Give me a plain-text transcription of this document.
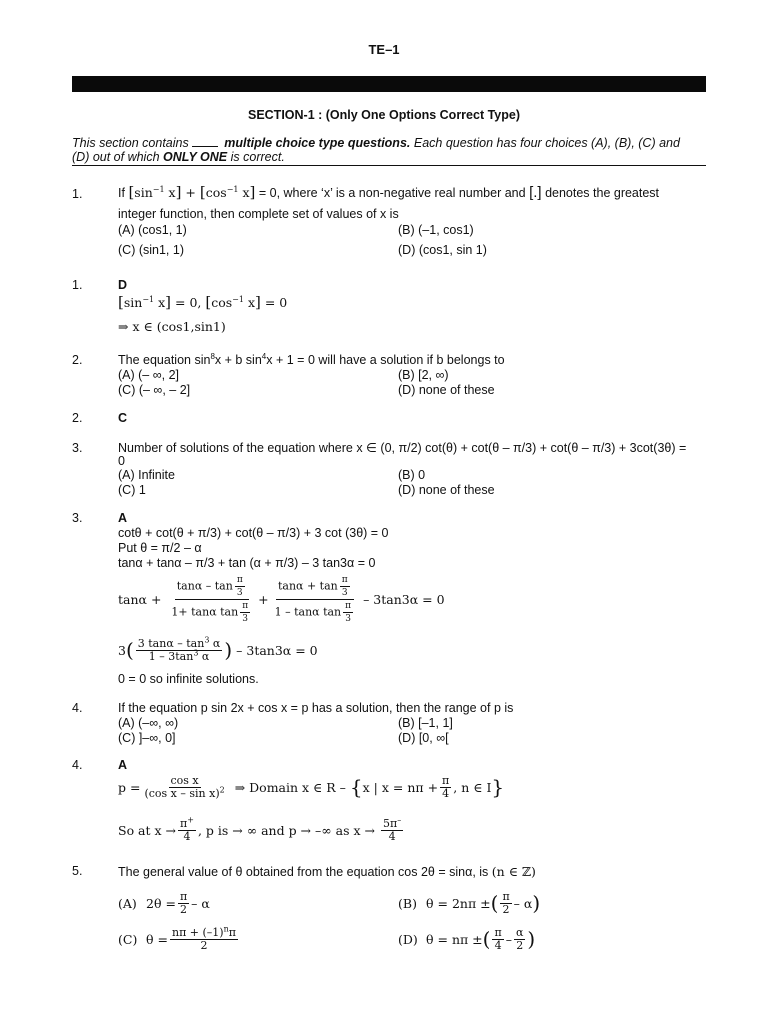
TE–1
SECTION-1 : (Only One Options Correct Type)
This section contains	multiple choice type questions. Each question has four choices (A), (B), (C) and
(D) out of which ONLY ONE is correct.
1.	If [$\sin^{-1}$ $x] + [\cos^{-1}$ x] = 0, where ‘x’ is a non-negative real number and [.] denotes the greatest
integer function, then complete set of values of x is
(A) (cos1, 1)	(B) (–1, cos1)
(C) (sin1, 1)	(D) (cos1, sin 1)
1.	D
[$\sin^{-1}$ x] = 0, [$\cos^{-1}$ x] = 0
⇒ x ∈ (cos1,sin1)
2.	The equation $\sin^8x + b$ $\sin^4x + 1 = 0$ will have a solution if b belongs to
(A) (– ∞, 2]	(B) [2, ∞)
(C) (– ∞, – 2]	(D) none of these
2.	C
3.	Number of solutions of the equation where x ∈ (0, π/2) cot(θ) + cot(θ – π/3) + cot(θ – π/3) + 3cot(3θ) =
0
(A) Infinite	(B) 0
(C) 1	(D) none of these
3.	A
cotθ + cot(θ + π/3) + cot(θ – π/3) + 3 cot (3θ) = 0
Put θ = π/2 – α
tanα + tanα – π/3 + tan (α + π/3) – 3 tan3α = 0
$\tan\alpha + \frac{\tan\alpha - \tan \frac{\pi}{3}}{1+ \tan\alpha \tan \frac{\pi}{3}} + \frac{\tan\alpha + \tan \frac{\pi}{3}}{1 - \tan\alpha \tan \frac{\pi}{3}} - 3\tan 3\alpha = 0$
3 ( $\frac{3 \tan\alpha - \tan^3 \alpha}{1 - 3\tan^3 \alpha}$ ) – 3tan3α = 0
0 = 0 so infinite solutions.
4.	If the equation p sin 2x + cos x = p has a solution, then the range of p is
(A) (–∞, ∞)	(B) [–1, 1]
(C) ]–∞, 0]	(D) [0, ∞[
4.	A
$p = \frac{\text{cos x}}{(\cos x - \sin x)^2}$ ⇒ Domain x ∈ R – { x | $x = n\pi + \frac{\pi}{4}$ , n ∈ I }
So at $x \to \frac{\pi^+}{4}$ , p is → ∞ and p → –∞ as $x \to \frac{5\pi^-}{4}$
5.	The general value of θ obtained from the equation cos 2θ = sinα, is (n ∈ ℤ)
(A) $2\theta = \frac{\pi}{2} - \alpha$	(B) θ = 2nπ ± ( $\frac{\pi}{2}$ – α )
(C) $\theta = \frac{n\pi + (-1)^n\pi}{2}$	(D) θ = nπ ± ( $\frac{\pi}{4} - \frac{\alpha}{2}$ )
